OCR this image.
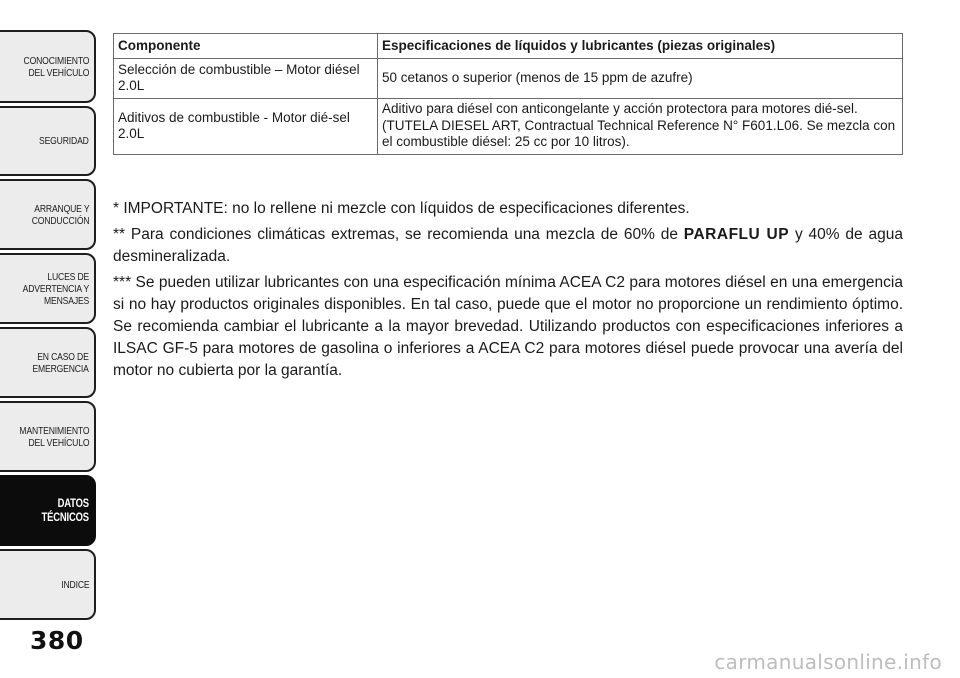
CONOCIMIENTO
DEL VEHÍCULO
SEGURIDAD
ARRANQUE Y
CONDUCCIÓN
LUCES DE
ADVERTENCIA Y
MENSAJES
EN CASO DE
EMERGENCIA
MANTENIMIENTO
DEL VEHÍCULO
DATOS
TÉCNICOS
INDICE
380
Componente	Especificaciones de líquidos y lubricantes (piezas originales)
Selección de combustible – Motor diésel 2.0L	50 cetanos o superior (menos de 15 ppm de azufre)
Aditivos de combustible - Motor dié-sel 2.0L	Aditivo para diésel con anticongelante y acción protectora para motores dié-sel. (TUTELA DIESEL ART, Contractual Technical Reference N° F601.L06. Se mezcla con el combustible diésel: 25 cc por 10 litros).

* IMPORTANTE: no lo rellene ni mezcle con líquidos de especificaciones diferentes.

** Para condiciones climáticas extremas, se recomienda una mezcla de 60% de PARAFLU UP y 40% de agua desmineralizada.

*** Se pueden utilizar lubricantes con una especificación mínima ACEA C2 para motores diésel en una emergencia si no hay productos originales disponibles. En tal caso, puede que el motor no proporcione un rendimiento óptimo. Se recomienda cambiar el lubricante a la mayor brevedad. Utilizando productos con especificaciones inferiores a ILSAC GF-5 para motores de gasolina o inferiores a ACEA C2 para motores diésel puede provocar una avería del motor no cubierta por la garantía.

carmanualsonline.info
